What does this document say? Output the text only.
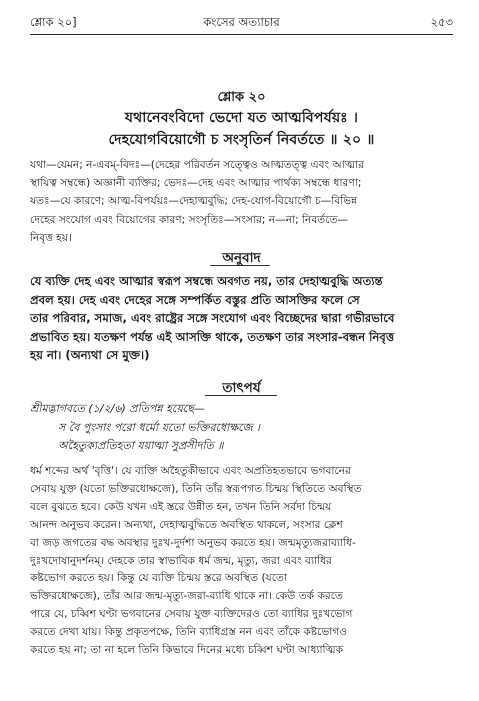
শ্লোক ২০]	কংসের অত্যাচার	২৫৩
শ্লোক ২০
যথানেবংবিদো ভেদো যত আত্মবিপর্যয়ঃ ।
দেহযোগবিয়োগৌ চ সংসৃতির্ন নিবর্ততে ॥ ২০ ॥
যথা—যেমন; ন-এবম্-বিদঃ—(দেহের পরিবর্তন সত্ত্বেও আত্মতত্ত্ব এবং আত্মার
স্থায়িত্ব সম্বন্ধে) অজ্ঞানী ব্যক্তির; ভেদঃ—দেহ এবং আত্মার পার্থক্য সম্বন্ধে ধারণা;
যতঃ—যে কারণে; আত্ম-বিপর্যয়ঃ—দেহাত্মবুদ্ধি; দেহ-যোগ-বিয়োগৌ চ—বিভিন্ন
দেহের সংযোগ এবং বিয়োগের কারণ; সংসৃতিঃ—সংসার; ন—না; নিবর্ততে—
নিবৃত্ত হয়।
অনুবাদ
যে ব্যক্তি দেহ এবং আত্মার স্বরূপ সম্বন্ধে অবগত নয়, তার দেহাত্মবুদ্ধি অত্যন্ত
প্রবল হয়। দেহ এবং দেহের সঙ্গে সম্পর্কিত বস্তুর প্রতি আসক্তির ফলে সে
তার পরিবার, সমাজ, এবং রাষ্ট্রের সঙ্গে সংযোগ এবং বিচ্ছেদের দ্বারা গভীরভাবে
প্রভাবিত হয়। যতক্ষণ পর্যন্ত এই আসক্তি থাকে, ততক্ষণ তার সংসার-বন্ধন নিবৃত্ত
হয় না। (অন্যথা সে মুক্ত।)
তাৎপর্য
শ্রীমদ্ভাগবতে (১/২/৬) প্রতিপন্ন হয়েছে—
স বৈ পুংসাং পরো ধর্মো যতো ভক্তিরধোক্ষজে ।
অহৈতুক্যপ্রতিহতা যয়াত্মা সুপ্রসীদতি ॥

ধর্ম শব্দের অর্থ 'বৃত্তি'। যে ব্যক্তি অহৈতুকীভাবে এবং অপ্রতিহতভাবে ভগবানের

সেবায় যুক্ত (যতো ভক্তিরধোক্ষজে), তিনি তাঁর স্বরূপগত চিন্ময় স্থিতিতে অবস্থিত

বলে বুঝতে হবে। কেউ যখন এই স্তরে উন্নীত হন, তখন তিনি সর্বদা চিন্ময়

আনন্দ অনুভব করেন। অন্যথা, দেহাত্মবুদ্ধিতে অবস্থিত থাকলে, সংসার ক্লেশ

বা জড় জগতের বদ্ধ অবস্থার দুঃখ-দুর্দশা অনুভব করতে হয়। জন্মমৃত্যুজরাব্যাধি-

দুঃখদোষানুদর্শনম্। দেহকে তার স্বাভাবিক ধর্ম জন্ম, মৃত্যু, জরা এবং ব্যাধির

কষ্টভোগ করতে হয়। কিন্তু যে ব্যক্তি চিন্ময় স্তরে অবস্থিত (যতো

ভক্তিরধোক্ষজে), তাঁর আর জন্ম-মৃত্যু-জরা-ব্যাধি থাকে না। কেউ তর্ক করতে

পারে যে, চব্বিশ ঘণ্টা ভগবানের সেবায় যুক্ত ব্যক্তিদেরও তো ব্যাধির দুঃখভোগ

করতে দেখা যায়। কিন্তু প্রকৃতপক্ষে, তিনি ব্যাধিগ্রস্ত নন এবং তাঁকে কষ্টভোগও

করতে হয় না; তা না হলে তিনি কিভাবে দিনের মধ্যে চব্বিশ ঘণ্টা আধ্যাত্মিক
